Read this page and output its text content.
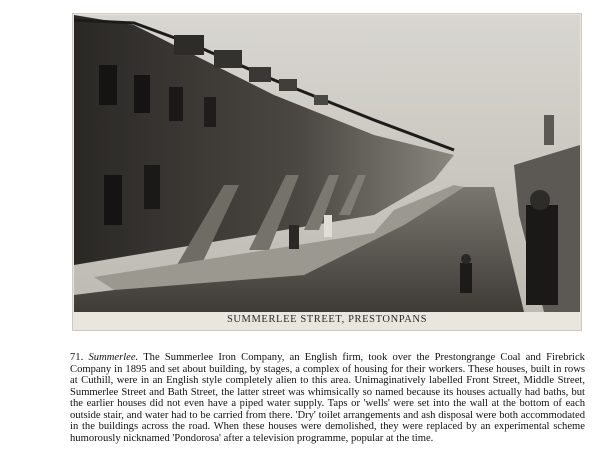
SUMMERLEE STREET, PRESTONPANS

71. Summerlee. The Summerlee Iron Company, an English firm, took over the Prestongrange Coal and Firebrick Company in 1895 and set about building, by stages, a complex of housing for their workers. These houses, built in rows at Cuthill, were in an English style completely alien to this area. Unimaginatively labelled Front Street, Middle Street, Summerlee Street and Bath Street, the latter street was whimsically so named because its houses actually had baths, but the earlier houses did not even have a piped water supply. Taps or 'wells' were set into the wall at the bottom of each outside stair, and water had to be carried from there. 'Dry' toilet arrangements and ash disposal were both accommodated in the buildings across the road. When these houses were demolished, they were replaced by an experimental scheme humorously nicknamed 'Pondorosa' after a television programme, popular at the time.
